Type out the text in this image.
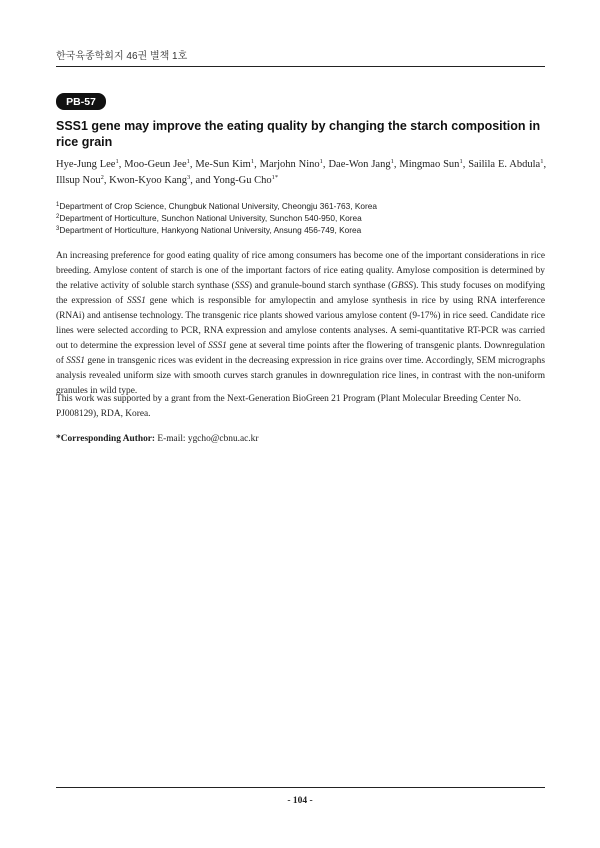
한국육종학회지 46권 별책 1호
PB-57
SSS1 gene may improve the eating quality by changing the starch composition in rice grain

Hye-Jung Lee$^1$, Moo-Geun Jee$^1$, Me-Sun Kim$^1$, Marjohn Nino$^1$, Dae-Won Jang$^1$, Mingmao Sun$^1$, Sailila E. Abdula$^1$, Illsup Nou$^2$, Kwon-Kyoo Kang$^3$, and Yong-Gu Cho$^{1*}$

$^1$Department of Crop Science, Chungbuk National University, Cheongju 361-763, Korea
$^2$Department of Horticulture, Sunchon National University, Sunchon 540-950, Korea
$^3$Department of Horticulture, Hankyong National University, Ansung 456-749, Korea

An increasing preference for good eating quality of rice among consumers has become one of the important considerations in rice breeding. Amylose content of starch is one of the important factors of rice eating quality. Amylose composition is determined by the relative activity of soluble starch synthase (SSS) and granule-bound starch synthase (GBSS). This study focuses on modifying the expression of SSS1 gene which is responsible for amylopectin and amylose synthesis in rice by using RNA interference (RNAi) and antisense technology. The transgenic rice plants showed various amylose content (9-17%) in rice seed. Candidate rice lines were selected according to PCR, RNA expression and amylose contents analyses. A semi-quantitative RT-PCR was carried out to determine the expression level of SSS1 gene at several time points after the flowering of transgenic plants. Downregulation of SSS1 gene in transgenic rices was evident in the decreasing expression in rice grains over time. Accordingly, SEM micrographs analysis revealed uniform size with smooth curves starch granules in downregulation rice lines, in contrast with the non-uniform granules in wild type.

This work was supported by a grant from the Next-Generation BioGreen 21 Program (Plant Molecular Breeding Center No. PJ008129), RDA, Korea.

*Corresponding Author: E-mail: ygcho@cbnu.ac.kr

- 104 -
